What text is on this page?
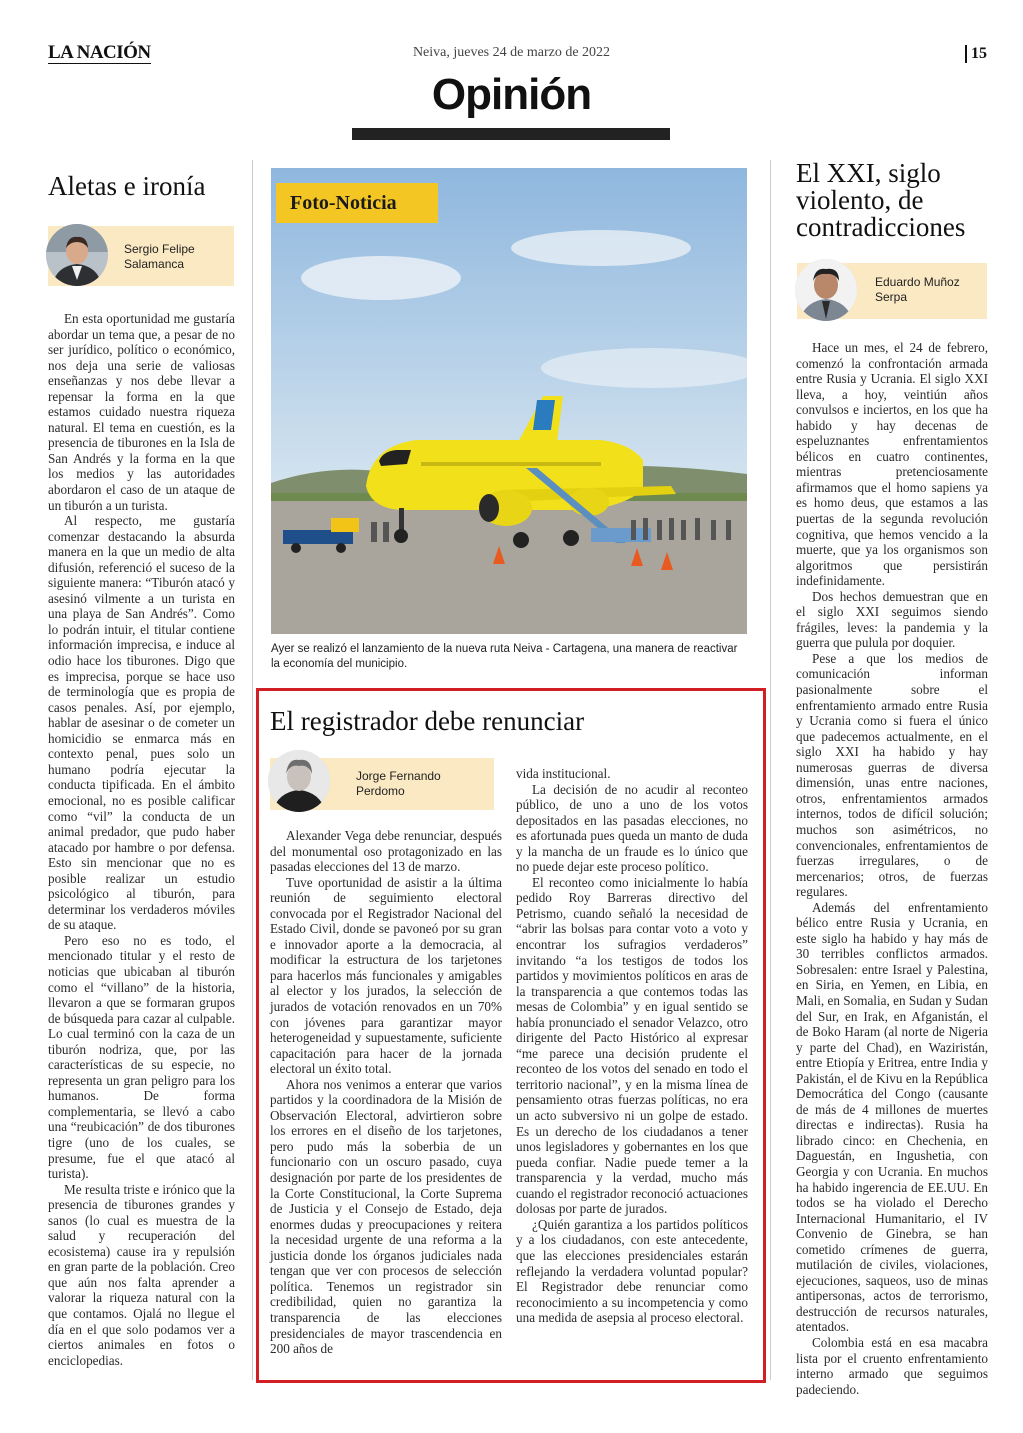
LA NACIÓN	Neiva, jueves 24 de marzo de 2022	15
Opinión
Aletas e ironía
Sergio Felipe
Salamanca

En esta oportunidad me gustaría abordar un tema que, a pesar de no ser jurídico, político o económico, nos deja una serie de valiosas enseñanzas y nos debe llevar a repensar la forma en la que estamos cuidado nuestra riqueza natural. El tema en cuestión, es la presencia de tiburones en la Isla de San Andrés y la forma en la que los medios y las autoridades abordaron el caso de un ataque de un tiburón a un turista.

Al respecto, me gustaría comenzar destacando la absurda manera en la que un medio de alta difusión, referenció el suceso de la siguiente manera: “Tiburón atacó y asesinó vilmente a un turista en una playa de San Andrés”. Como lo podrán intuir, el titular contiene información imprecisa, e induce al odio hace los tiburones. Digo que es imprecisa, porque se hace uso de terminología que es propia de casos penales. Así, por ejemplo, hablar de asesinar o de cometer un homicidio se enmarca más en contexto penal, pues solo un humano podría ejecutar la conducta tipificada. En el ámbito emocional, no es posible calificar como “vil” la conducta de un animal predador, que pudo haber atacado por hambre o por defensa. Esto sin mencionar que no es posible realizar un estudio psicológico al tiburón, para determinar los verdaderos móviles de su ataque.

Pero eso no es todo, el mencionado titular y el resto de noticias que ubicaban al tiburón como el “villano” de la historia, llevaron a que se formaran grupos de búsqueda para cazar al culpable. Lo cual terminó con la caza de un tiburón nodriza, que, por las características de su especie, no representa un gran peligro para los humanos. De forma complementaria, se llevó a cabo una “reubicación” de dos tiburones tigre (uno de los cuales, se presume, fue el que atacó al turista).

Me resulta triste e irónico que la presencia de tiburones grandes y sanos (lo cual es muestra de la salud y recuperación del ecosistema) cause ira y repulsión en gran parte de la población. Creo que aún nos falta aprender a valorar la riqueza natural con la que contamos. Ojalá no llegue el día en el que solo podamos ver a ciertos animales en fotos o enciclopedias.

Foto-Noticia
Ayer se realizó el lanzamiento de la nueva ruta Neiva - Cartagena, una manera de reactivar la economía del municipio.
El registrador debe renunciar
Jorge Fernando
Perdomo

Alexander Vega debe renunciar, después del monumental oso protagonizado en las pasadas elecciones del 13 de marzo.

Tuve oportunidad de asistir a la última reunión de seguimiento electoral convocada por el Registrador Nacional del Estado Civil, donde se pavoneó por su gran e innovador aporte a la democracia, al modificar la estructura de los tarjetones para hacerlos más funcionales y amigables al elector y los jurados, la selección de jurados de votación renovados en un 70% con jóvenes para garantizar mayor heterogeneidad y supuestamente, suficiente capacitación para hacer de la jornada electoral un éxito total.

Ahora nos venimos a enterar que varios partidos y la coordinadora de la Misión de Observación Electoral, advirtieron sobre los errores en el diseño de los tarjetones, pero pudo más la soberbia de un funcionario con un oscuro pasado, cuya designación por parte de los presidentes de la Corte Constitucional, la Corte Suprema de Justicia y el Consejo de Estado, deja enormes dudas y preocupaciones y reitera la necesidad urgente de una reforma a la justicia donde los órganos judiciales nada tengan que ver con procesos de selección política. Tenemos un registrador sin credibilidad, quien no garantiza la transparencia de las elecciones presidenciales de mayor trascendencia en 200 años de

vida institucional.

La decisión de no acudir al reconteo público, de uno a uno de los votos depositados en las pasadas elecciones, no es afortunada pues queda un manto de duda y la mancha de un fraude es lo único que no puede dejar este proceso político.

El reconteo como inicialmente lo había pedido Roy Barreras directivo del Petrismo, cuando señaló la necesidad de “abrir las bolsas para contar voto a voto y encontrar los sufragios verdaderos” invitando “a los testigos de todos los partidos y movimientos políticos en aras de la transparencia a que contemos todas las mesas de Colombia” y en igual sentido se había pronunciado el senador Velazco, otro dirigente del Pacto Histórico al expresar “me parece una decisión prudente el reconteo de los votos del senado en todo el territorio nacional”, y en la misma línea de pensamiento otras fuerzas políticas, no era un acto subversivo ni un golpe de estado. Es un derecho de los ciudadanos a tener unos legisladores y gobernantes en los que pueda confiar. Nadie puede temer a la transparencia y la verdad, mucho más cuando el registrador reconoció actuaciones dolosas por parte de jurados.

¿Quién garantiza a los partidos políticos y a los ciudadanos, con este antecedente, que las elecciones presidenciales estarán reflejando la verdadera voluntad popular? El Registrador debe renunciar como reconocimiento a su incompetencia y como una medida de asepsia al proceso electoral.

El XXI, siglo
violento, de
contradicciones
Eduardo Muñoz
Serpa

Hace un mes, el 24 de febrero, comenzó la confrontación armada entre Rusia y Ucrania. El siglo XXI lleva, a hoy, veintiún años convulsos e inciertos, en los que ha habido y hay decenas de espeluznantes enfrentamientos bélicos en cuatro continentes, mientras pretenciosamente afirmamos que el homo sapiens ya es homo deus, que estamos a las puertas de la segunda revolución cognitiva, que hemos vencido a la muerte, que ya los organismos son algoritmos que persistirán indefinidamente.

Dos hechos demuestran que en el siglo XXI seguimos siendo frágiles, leves: la pandemia y la guerra que pulula por doquier.

Pese a que los medios de comunicación informan pasionalmente sobre el enfrentamiento armado entre Rusia y Ucrania como si fuera el único que padecemos actualmente, en el siglo XXI ha habido y hay numerosas guerras de diversa dimensión, unas entre naciones, otros, enfrentamientos armados internos, todos de difícil solución; muchos son asimétricos, no convencionales, enfrentamientos de fuerzas irregulares, o de mercenarios; otros, de fuerzas regulares.

Además del enfrentamiento bélico entre Rusia y Ucrania, en este siglo ha habido y hay más de 30 terribles conflictos armados. Sobresalen: entre Israel y Palestina, en Siria, en Yemen, en Libia, en Mali, en Somalia, en Sudan y Sudan del Sur, en Irak, en Afganistán, el de Boko Haram (al norte de Nigeria y parte del Chad), en Waziristán, entre Etiopía y Eritrea, entre India y Pakistán, el de Kivu en la República Democrática del Congo (causante de más de 4 millones de muertes directas e indirectas). Rusia ha librado cinco: en Chechenia, en Daguestán, en Ingushetia, con Georgia y con Ucrania. En muchos ha habido ingerencia de EE.UU. En todos se ha violado el Derecho Internacional Humanitario, el IV Convenio de Ginebra, se han cometido crímenes de guerra, mutilación de civiles, violaciones, ejecuciones, saqueos, uso de minas antipersonas, actos de terrorismo, destrucción de recursos naturales, atentados.

Colombia está en esa macabra lista por el cruento enfrentamiento interno armado que seguimos padeciendo.
